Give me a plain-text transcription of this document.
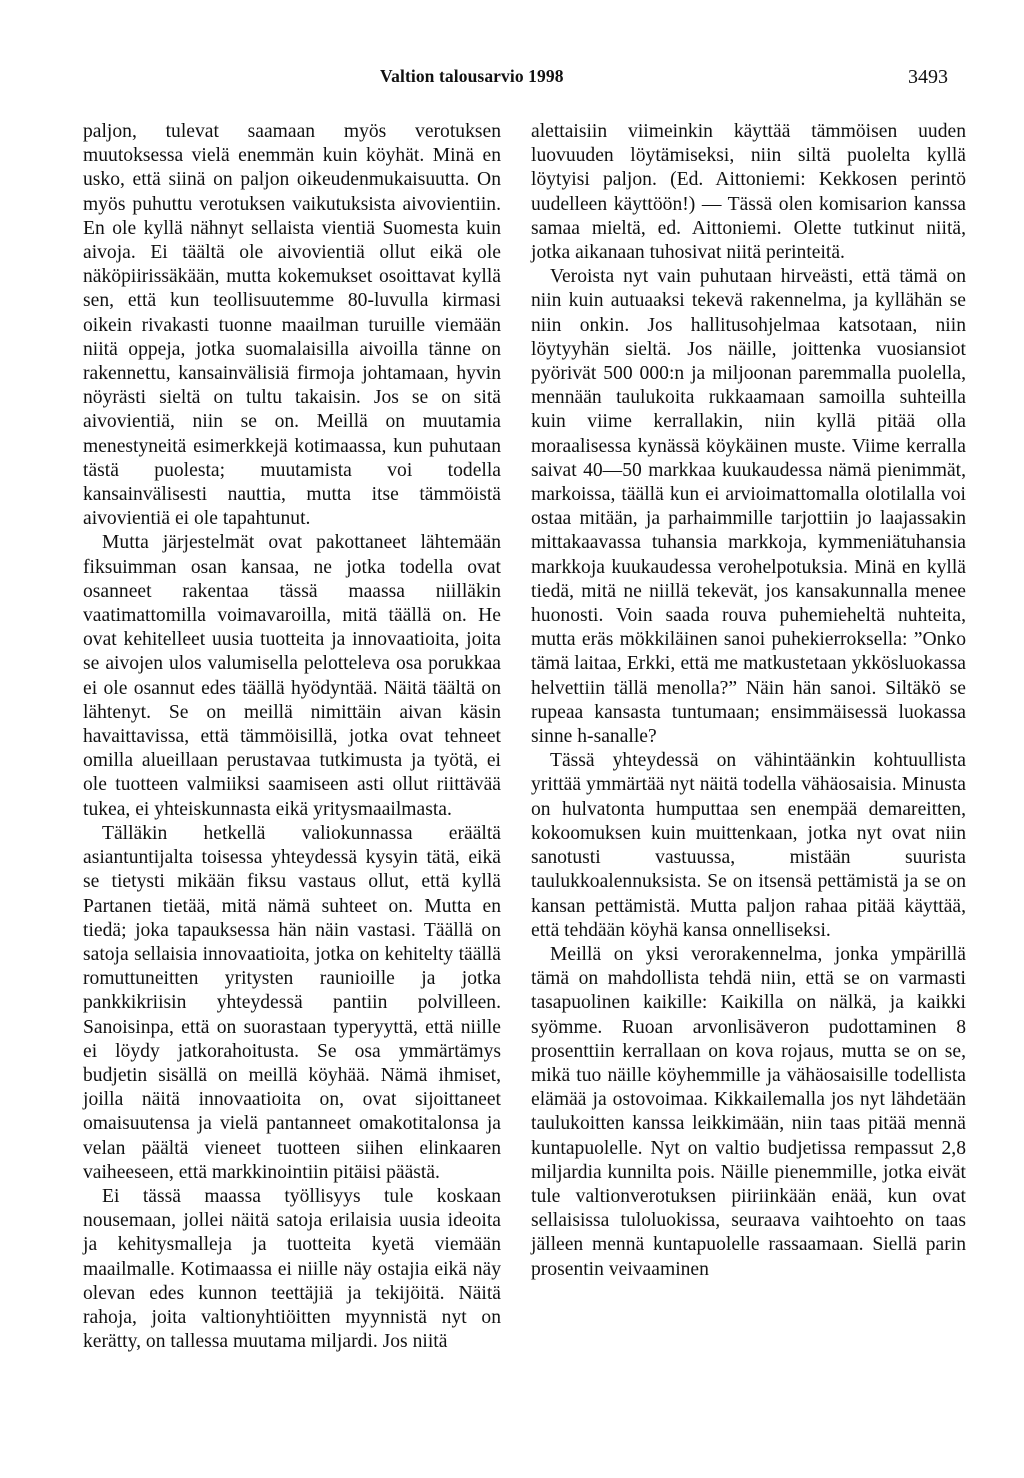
Valtion talousarvio 1998	3493

paljon, tulevat saamaan myös verotuksen muutoksessa vielä enemmän kuin köyhät. Minä en usko, että siinä on paljon oikeudenmukaisuutta. On myös puhuttu verotuksen vaikutuksista aivovientiin. En ole kyllä nähnyt sellaista vientiä Suomesta kuin aivoja. Ei täältä ole aivovientiä ollut eikä ole näköpiirissäkään, mutta kokemukset osoittavat kyllä sen, että kun teollisuutemme 80-luvulla kirmasi oikein rivakasti tuonne maailman turuille viemään niitä oppeja, jotka suomalaisilla aivoilla tänne on rakennettu, kansainvälisiä firmoja johtamaan, hyvin nöyrästi sieltä on tultu takaisin. Jos se on sitä aivovientiä, niin se on. Meillä on muutamia menestyneitä esimerkkejä kotimaassa, kun puhutaan tästä puolesta; muutamista voi todella kansainvälisesti nauttia, mutta itse tämmöistä aivovientiä ei ole tapahtunut.

Mutta järjestelmät ovat pakottaneet lähtemään fiksuimman osan kansaa, ne jotka todella ovat osanneet rakentaa tässä maassa niilläkin vaatimattomilla voimavaroilla, mitä täällä on. He ovat kehitelleet uusia tuotteita ja innovaatioita, joita se aivojen ulos valumisella pelotteleva osa porukkaa ei ole osannut edes täällä hyödyntää. Näitä täältä on lähtenyt. Se on meillä nimittäin aivan käsin havaittavissa, että tämmöisillä, jotka ovat tehneet omilla alueillaan perustavaa tutkimusta ja työtä, ei ole tuotteen valmiiksi saamiseen asti ollut riittävää tukea, ei yhteiskunnasta eikä yritysmaailmasta.

Tälläkin hetkellä valiokunnassa eräältä asiantuntijalta toisessa yhteydessä kysyin tätä, eikä se tietysti mikään fiksu vastaus ollut, että kyllä Partanen tietää, mitä nämä suhteet on. Mutta en tiedä; joka tapauksessa hän näin vastasi. Täällä on satoja sellaisia innovaatioita, jotka on kehitelty täällä romuttuneitten yritysten raunioille ja jotka pankkikriisin yhteydessä pantiin polvilleen. Sanoisinpa, että on suorastaan typeryyttä, että niille ei löydy jatkorahoitusta. Se osa ymmärtämys budjetin sisällä on meillä köyhää. Nämä ihmiset, joilla näitä innovaatioita on, ovat sijoittaneet omaisuutensa ja vielä pantanneet omakotitalonsa ja velan päältä vieneet tuotteen siihen elinkaaren vaiheeseen, että markkinointiin pitäisi päästä.

Ei tässä maassa työllisyys tule koskaan nousemaan, jollei näitä satoja erilaisia uusia ideoita ja kehitysmalleja ja tuotteita kyetä viemään maailmalle. Kotimaassa ei niille näy ostajia eikä näy olevan edes kunnon teettäjiä ja tekijöitä. Näitä rahoja, joita valtionyhtiöitten myynnistä nyt on kerätty, on tallessa muutama miljardi. Jos niitä

alettaisiin viimeinkin käyttää tämmöisen uuden luovuuden löytämiseksi, niin siltä puolelta kyllä löytyisi paljon. (Ed. Aittoniemi: Kekkosen perintö uudelleen käyttöön!) — Tässä olen komisarion kanssa samaa mieltä, ed. Aittoniemi. Olette tutkinut niitä, jotka aikanaan tuhosivat niitä perinteitä.

Veroista nyt vain puhutaan hirveästi, että tämä on niin kuin autuaaksi tekevä rakennelma, ja kyllähän se niin onkin. Jos hallitusohjelmaa katsotaan, niin löytyyhän sieltä. Jos näille, joittenka vuosiansiot pyörivät 500 000:n ja miljoonan paremmalla puolella, mennään taulukoita rukkaamaan samoilla suhteilla kuin viime kerrallakin, niin kyllä pitää olla moraalisessa kynässä köykäinen muste. Viime kerralla saivat 40—50 markkaa kuukaudessa nämä pienimmät, markoissa, täällä kun ei arvioimattomalla olotilalla voi ostaa mitään, ja parhaimmille tarjottiin jo laajassakin mittakaavassa tuhansia markkoja, kymmeniätuhansia markkoja kuukaudessa verohelpotuksia. Minä en kyllä tiedä, mitä ne niillä tekevät, jos kansakunnalla menee huonosti. Voin saada rouva puhemieheltä nuhteita, mutta eräs mökkiläinen sanoi puhekierroksella: ”Onko tämä laitaa, Erkki, että me matkustetaan ykkösluokassa helvettiin tällä menolla?” Näin hän sanoi. Siltäkö se rupeaa kansasta tuntumaan; ensimmäisessä luokassa sinne h-sanalle?

Tässä yhteydessä on vähintäänkin kohtuullista yrittää ymmärtää nyt näitä todella vähäosaisia. Minusta on hulvatonta humputtaa sen enempää demareitten, kokoomuksen kuin muittenkaan, jotka nyt ovat niin sanotusti vastuussa, mistään suurista taulukkoalennuksista. Se on itsensä pettämistä ja se on kansan pettämistä. Mutta paljon rahaa pitää käyttää, että tehdään köyhä kansa onnelliseksi.

Meillä on yksi verorakennelma, jonka ympärillä tämä on mahdollista tehdä niin, että se on varmasti tasapuolinen kaikille: Kaikilla on nälkä, ja kaikki syömme. Ruoan arvonlisäveron pudottaminen 8 prosenttiin kerrallaan on kova rojaus, mutta se on se, mikä tuo näille köyhemmille ja vähäosaisille todellista elämää ja ostovoimaa. Kikkailemalla jos nyt lähdetään taulukoitten kanssa leikkimään, niin taas pitää mennä kuntapuolelle. Nyt on valtio budjetissa rempassut 2,8 miljardia kunnilta pois. Näille pienemmille, jotka eivät tule valtionverotuksen piiriinkään enää, kun ovat sellaisissa tuloluokissa, seuraava vaihtoehto on taas jälleen mennä kuntapuolelle rassaamaan. Siellä parin prosentin veivaaminen
